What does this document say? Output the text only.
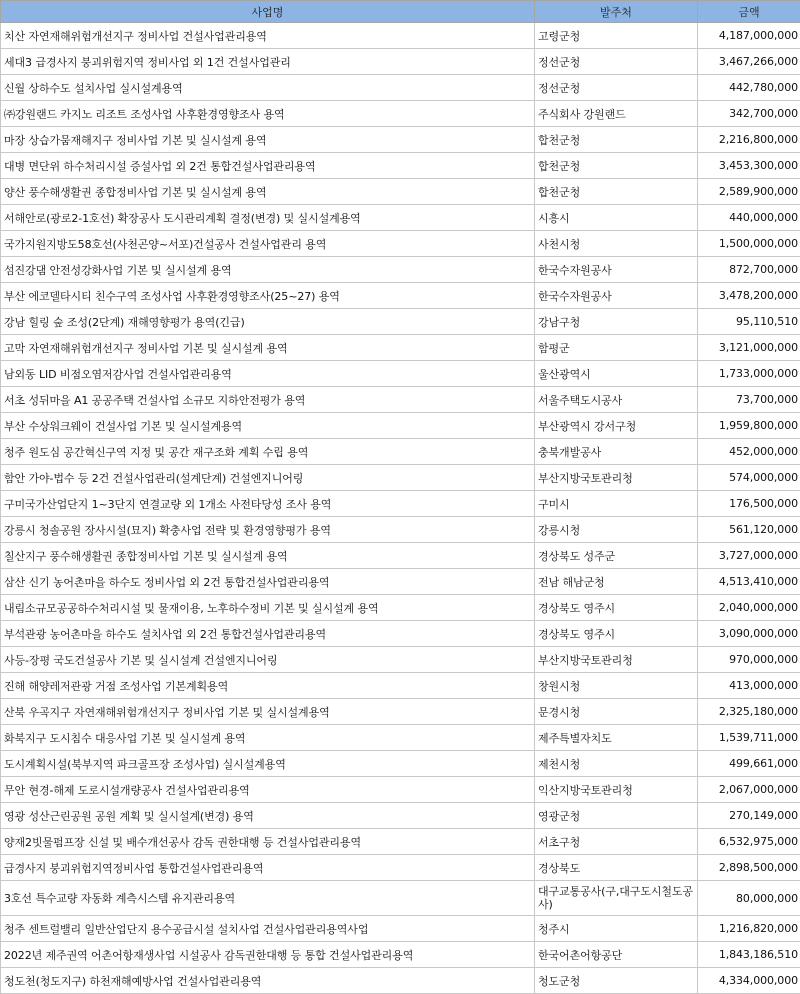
사업명	발주처	금액
치산 자연재해위험개선지구 정비사업 건설사업관리용역	고령군청	4,187,000,000
세대3 급경사지 붕괴위험지역 정비사업 외 1건 건설사업관리	정선군청	3,467,266,000
신월 상하수도 설치사업 실시설계용역	정선군청	442,780,000
㈜강원랜드 카지노 리조트 조성사업 사후환경영향조사 용역	주식회사 강원랜드	342,700,000
마장 상습가뭄재해지구 정비사업 기본 및 실시설계 용역	합천군청	2,216,800,000
대병 면단위 하수처리시설 증설사업 외 2건 통합건설사업관리용역	합천군청	3,453,300,000
양산 풍수해생활권 종합정비사업 기본 및 실시설계 용역	합천군청	2,589,900,000
서해안로(광로2-1호선) 확장공사 도시관리계획 결정(변경) 및 실시설계용역	시흥시	440,000,000
국가지원지방도58호선(사천곤양~서포)건설공사 건설사업관리 용역	사천시청	1,500,000,000
섬진강댐 안전성강화사업 기본 및 실시설계 용역	한국수자원공사	872,700,000
부산 에코델타시티 친수구역 조성사업 사후환경영향조사(25~27) 용역	한국수자원공사	3,478,200,000
강남 힐링 숲 조성(2단계) 재해영향평가 용역(긴급)	강남구청	95,110,510
고막 자연재해위험개선지구 정비사업 기본 및 실시설계 용역	함평군	3,121,000,000
남외동 LID 비점오염저감사업 건설사업관리용역	울산광역시	1,733,000,000
서초 성뒤마을 A1 공공주택 건설사업 소규모 지하안전평가 용역	서울주택도시공사	73,700,000
부산 수상워크웨이 건설사업 기본 및 실시설계용역	부산광역시 강서구청	1,959,800,000
청주 원도심 공간혁신구역 지정 및 공간 재구조화 계획 수립 용역	충북개발공사	452,000,000
함안 가야-법수 등 2건 건설사업관리(설계단계) 건설엔지니어링	부산지방국토관리청	574,000,000
구미국가산업단지 1~3단지 연결교량 외 1개소 사전타당성 조사 용역	구미시	176,500,000
강릉시 청솔공원 장사시설(묘지) 확충사업 전략 및 환경영향평가 용역	강릉시청	561,120,000
칠산지구 풍수해생활권 종합정비사업 기본 및 실시설계 용역	경상북도 성주군	3,727,000,000
삼산 신기 농어촌마을 하수도 정비사업 외 2건 통합건설사업관리용역	전남 해남군청	4,513,410,000
내림소규모공공하수처리시설 및 물재이용, 노후하수정비 기본 및 실시설계 용역	경상북도 영주시	2,040,000,000
부석관광 농어촌마을 하수도 설치사업 외 2건 통합건설사업관리용역	경상북도 영주시	3,090,000,000
사등-장평 국도건설공사 기본 및 실시설계 건설엔지니어링	부산지방국토관리청	970,000,000
진해 해양레저관광 거점 조성사업 기본계획용역	창원시청	413,000,000
산북 우곡지구 자연재해위험개선지구 정비사업 기본 및 실시설계용역	문경시청	2,325,180,000
화북지구 도시침수 대응사업 기본 및 실시설계 용역	제주특별자치도	1,539,711,000
도시계획시설(북부지역 파크골프장 조성사업) 실시설계용역	제천시청	499,661,000
무안 현경-해제 도로시설개량공사 건설사업관리용역	익산지방국토관리청	2,067,000,000
영광 성산근린공원 공원 계획 및 실시설계(변경) 용역	영광군청	270,149,000
양재2빗물펌프장 신설 및 배수개선공사 감독 권한대행 등 건설사업관리용역	서초구청	6,532,975,000
급경사지 붕괴위험지역정비사업 통합건설사업관리용역	경상북도	2,898,500,000
3호선 특수교량 자동화 계측시스템 유지관리용역	대구교통공사(구,대구도시철도공사)	80,000,000
청주 센트럴밸리 일반산업단지 용수공급시설 설치사업 건설사업관리용역사업	청주시	1,216,820,000
2022년 제주권역 어촌어항재생사업 시설공사 감독권한대행 등 통합 건설사업관리용역	한국어촌어항공단	1,843,186,510
청도천(청도지구) 하천재해예방사업 건설사업관리용역	청도군청	4,334,000,000
